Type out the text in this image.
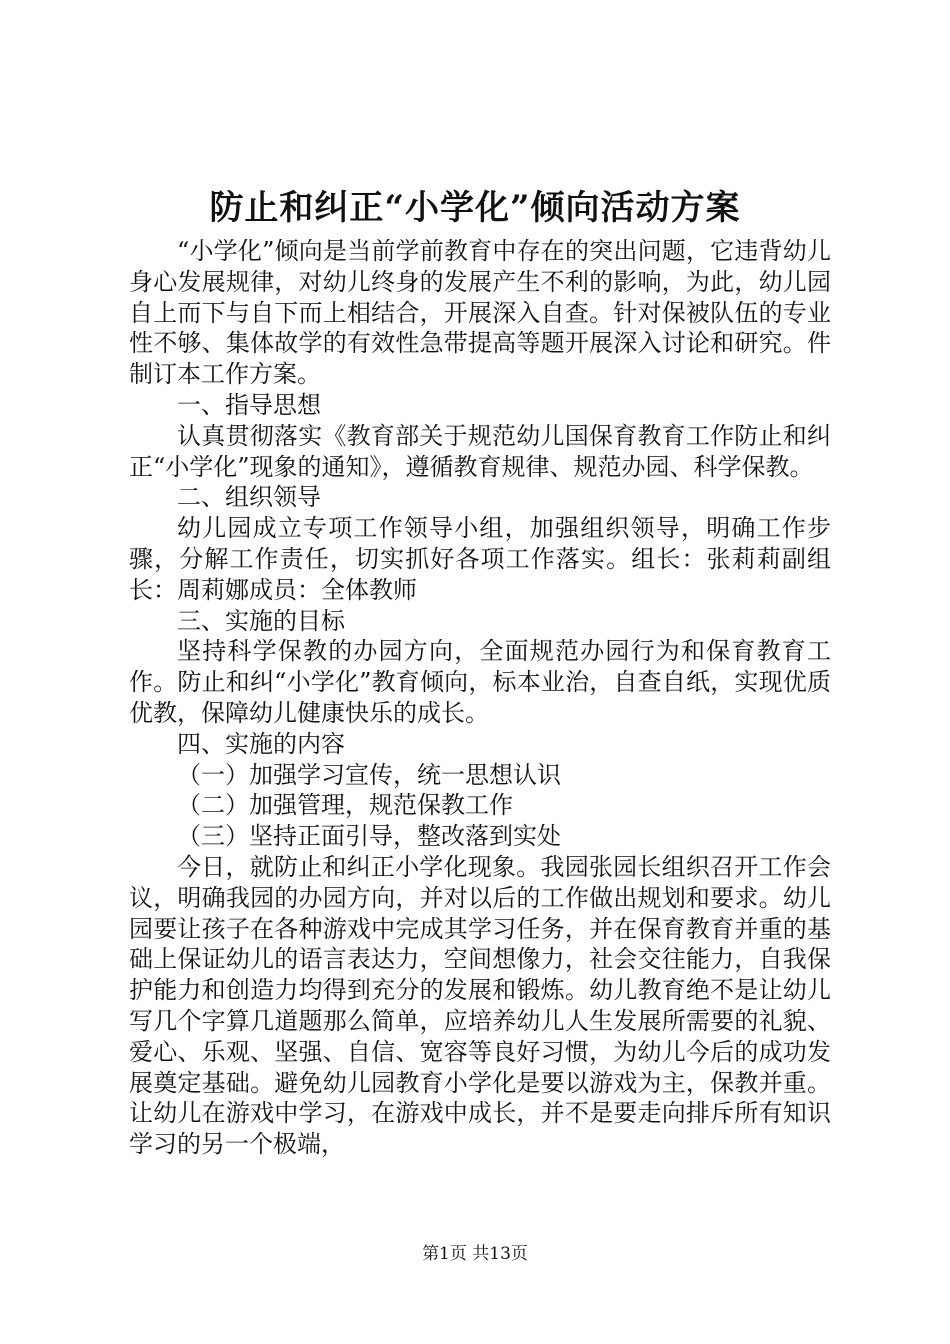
防止和纠正“小学化”倾向活动方案

“小学化”倾向是当前学前教育中存在的突出问题，它违背幼儿身心发展规律，对幼儿终身的发展产生不利的影响，为此，幼儿园自上而下与自下而上相结合，开展深入自查。针对保被队伍的专业性不够、集体故学的有效性急带提高等题开展深入讨论和研究。件制订本工作方案。

一、指导思想

认真贯彻落实《教育部关于规范幼儿国保育教育工作防止和纠正“小学化”现象的通知》，遵循教育规律、规范办园、科学保教。

二、组织领导

幼儿园成立专项工作领导小组，加强组织领导，明确工作步骤，分解工作责任，切实抓好各项工作落实。组长：张莉莉副组长：周莉娜成员：全体教师

三、实施的目标

坚持科学保教的办园方向，全面规范办园行为和保育教育工作。防止和纠“小学化”教育倾向，标本业治，自查自纸，实现优质优教，保障幼儿健康快乐的成长。

四、实施的内容

（一）加强学习宣传，统一思想认识

（二）加强管理，规范保教工作

（三）坚持正面引导，整改落到实处

今日，就防止和纠正小学化现象。我园张园长组织召开工作会议，明确我园的办园方向，并对以后的工作做出规划和要求。幼儿园要让孩子在各种游戏中完成其学习任务，并在保育教育并重的基础上保证幼儿的语言表达力，空间想像力，社会交往能力，自我保护能力和创造力均得到充分的发展和锻炼。幼儿教育绝不是让幼儿写几个字算几道题那么简单，应培养幼儿人生发展所需要的礼貌、爱心、乐观、坚强、自信、宽容等良好习惯，为幼儿今后的成功发展奠定基础。避免幼儿园教育小学化是要以游戏为主，保教并重。让幼儿在游戏中学习，在游戏中成长，并不是要走向排斥所有知识学习的另一个极端，

第1页 共13页
